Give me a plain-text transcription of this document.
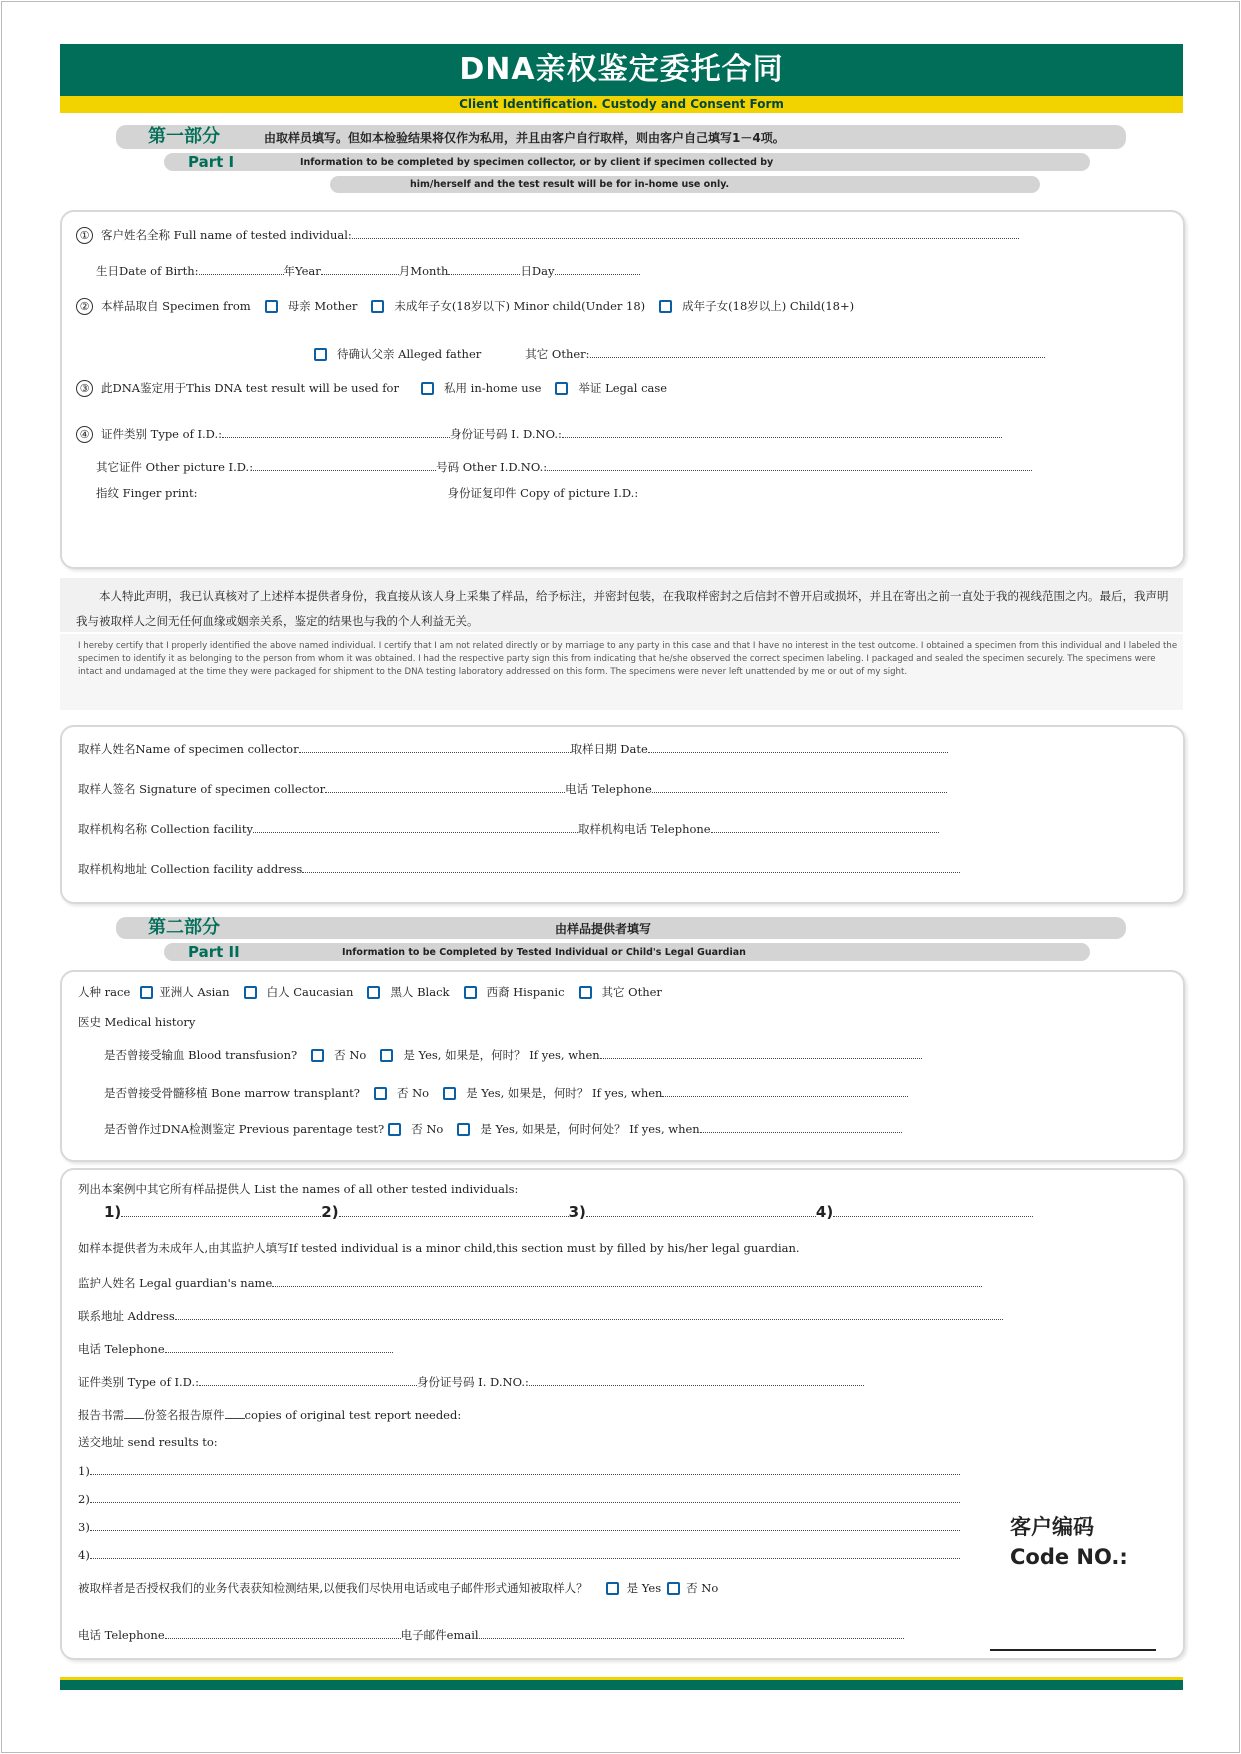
DNA亲权鉴定委托合同
Client Identification. Custody and Consent Form
第一部分	由取样员填写。但如本检验结果将仅作为私用，并且由客户自行取样，则由客户自己填写1－4项。
Part I	Information to be completed by specimen collector, or by client if specimen collected by
him/herself and the test result will be for in-home use only.
① 客户姓名全称 Full name of tested individual:
生日Date of Birth:	年Year	月Month	日Day
② 本样品取自 Specimen from	母亲 Mother	未成年子女(18岁以下) Minor child(Under 18)	成年子女(18岁以上) Child(18+)
待确认父亲 Alleged father	其它 Other:
③ 此DNA鉴定用于This DNA test result will be used for	私用 in-home use	举证 Legal case
④ 证件类别 Type of I.D.:	身份证号码 I. D.NO.:
其它证件 Other picture I.D.:	号码 Other I.D.NO.:
指纹 Finger print:	身份证复印件 Copy of picture I.D.:
本人特此声明，我已认真核对了上述样本提供者身份，我直接从该人身上采集了样品，给予标注，并密封包装，在我取样密封之后信封不曾开启或损坏，并且在寄出之前一直处于我的视线范围之内。最后，我声明我与被取样人之间无任何血缘或姻亲关系，鉴定的结果也与我的个人利益无关。
I hereby certify that I properly identified the above named individual. I certify that I am not related directly or by marriage to any party in this case and that I have no interest in the test outcome. I obtained a specimen from this individual and I labeled the specimen to identify it as belonging to the person from whom it was obtained. I had the respective party sign this from indicating that he/she observed the correct specimen labeling. I packaged and sealed the specimen securely. The specimens were intact and undamaged at the time they were packaged for shipment to the DNA testing laboratory addressed on this form. The specimens were never left unattended by me or out of my sight.
取样人姓名Name of specimen collector	取样日期 Date
取样人签名 Signature of specimen collector	电话 Telephone
取样机构名称 Collection facility	取样机构电话 Telephone
取样机构地址 Collection facility address
第二部分	由样品提供者填写
Part II	Information to be Completed by Tested Individual or Child's Legal Guardian
人种 race	亚洲人 Asian	白人 Caucasian	黑人 Black	西裔 Hispanic	其它 Other
医史 Medical history
是否曾接受输血 Blood transfusion?	否 No	是 Yes, 如果是，何时？ If yes, when
是否曾接受骨髓移植 Bone marrow transplant?	否 No	是 Yes, 如果是，何时？ If yes, when
是否曾作过DNA检测鉴定 Previous parentage test? 否 No	是 Yes, 如果是，何时何处？ If yes, when
列出本案例中其它所有样品提供人 List the names of all other tested individuals:
1)	2)	3)	4)
如样本提供者为未成年人,由其监护人填写If tested individual is a minor child,this section must by filled by his/her legal guardian.
监护人姓名 Legal guardian's name
联系地址 Address
电话 Telephone
证件类别 Type of I.D.:	身份证号码 I. D.NO.:
报告书需 份签名报告原件 copies of original test report needed:
送交地址 send results to:
1)
2)
3)
4)
被取样者是否授权我们的业务代表获知检测结果,以便我们尽快用电话或电子邮件形式通知被取样人？	是 Yes 否 No
电话 Telephone	电子邮件email
客户编码
Code NO.:
